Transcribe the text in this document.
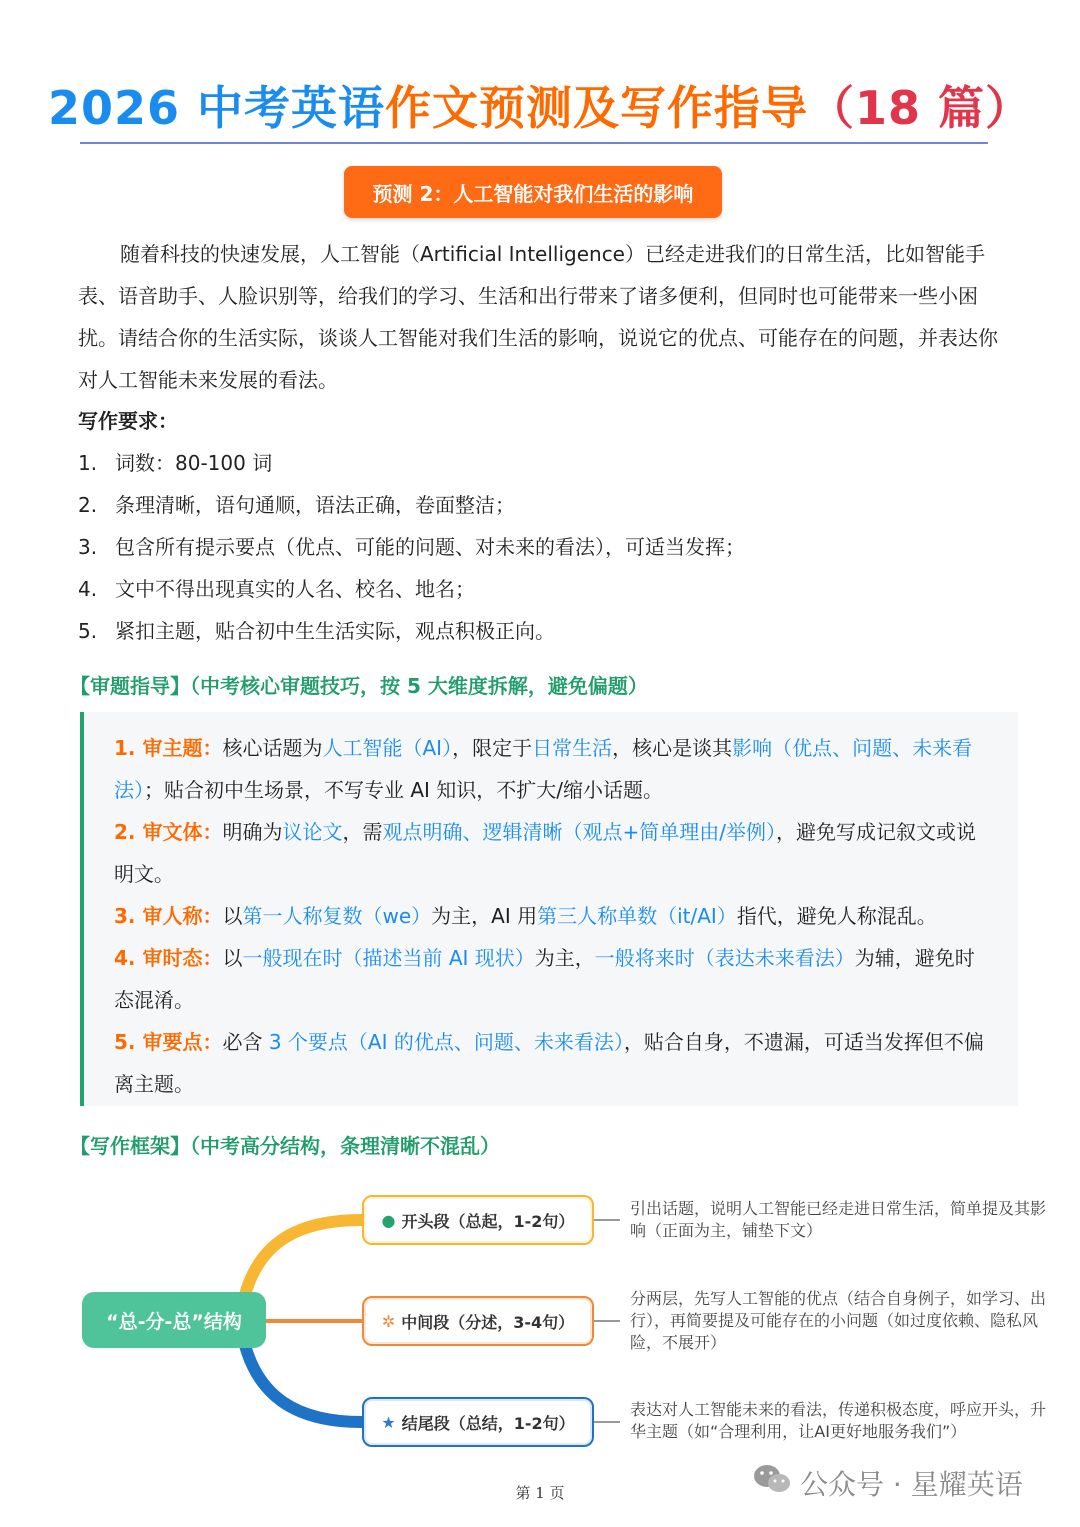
2026 中考英语作文预测及写作指导（18 篇）
预测 2：人工智能对我们生活的影响
随着科技的快速发展，人工智能（Artificial Intelligence）已经走进我们的日常生活，比如智能手表、语音助手、人脸识别等，给我们的学习、生活和出行带来了诸多便利，但同时也可能带来一些小困扰。请结合你的生活实际，谈谈人工智能对我们生活的影响，说说它的优点、可能存在的问题，并表达你对人工智能未来发展的看法。
写作要求：
1. 词数：80-100 词
2. 条理清晰，语句通顺，语法正确，卷面整洁；
3. 包含所有提示要点（优点、可能的问题、对未来的看法），可适当发挥；
4. 文中不得出现真实的人名、校名、地名；
5. 紧扣主题，贴合初中生生活实际，观点积极正向。
【审题指导】（中考核心审题技巧，按 5 大维度拆解，避免偏题）
1. 审主题：核心话题为人工智能（AI），限定于日常生活，核心是谈其影响（优点、问题、未来看法）；贴合初中生场景，不写专业 AI 知识，不扩大/缩小话题。
2. 审文体：明确为议论文，需观点明确、逻辑清晰（观点+简单理由/举例），避免写成记叙文或说明文。
3. 审人称：以第一人称复数（we）为主，AI 用第三人称单数（it/AI）指代，避免人称混乱。
4. 审时态：以一般现在时（描述当前 AI 现状）为主，一般将来时（表达未来看法）为辅，避免时态混淆。
5. 审要点：必含 3 个要点（AI 的优点、问题、未来看法），贴合自身，不遗漏，可适当发挥但不偏离主题。
【写作框架】（中考高分结构，条理清晰不混乱）
“总-分-总”结构
● 开头段（总起，1-2句）
✲ 中间段（分述，3-4句）
★ 结尾段（总结，1-2句）
引出话题，说明人工智能已经走进日常生活，简单提及其影响（正面为主，铺垫下文）
分两层，先写人工智能的优点（结合自身例子，如学习、出行），再简要提及可能存在的小问题（如过度依赖、隐私风险，不展开）
表达对人工智能未来的看法，传递积极态度，呼应开头，升华主题（如“合理利用，让AI更好地服务我们”）
第 1 页	公众号 · 星耀英语
